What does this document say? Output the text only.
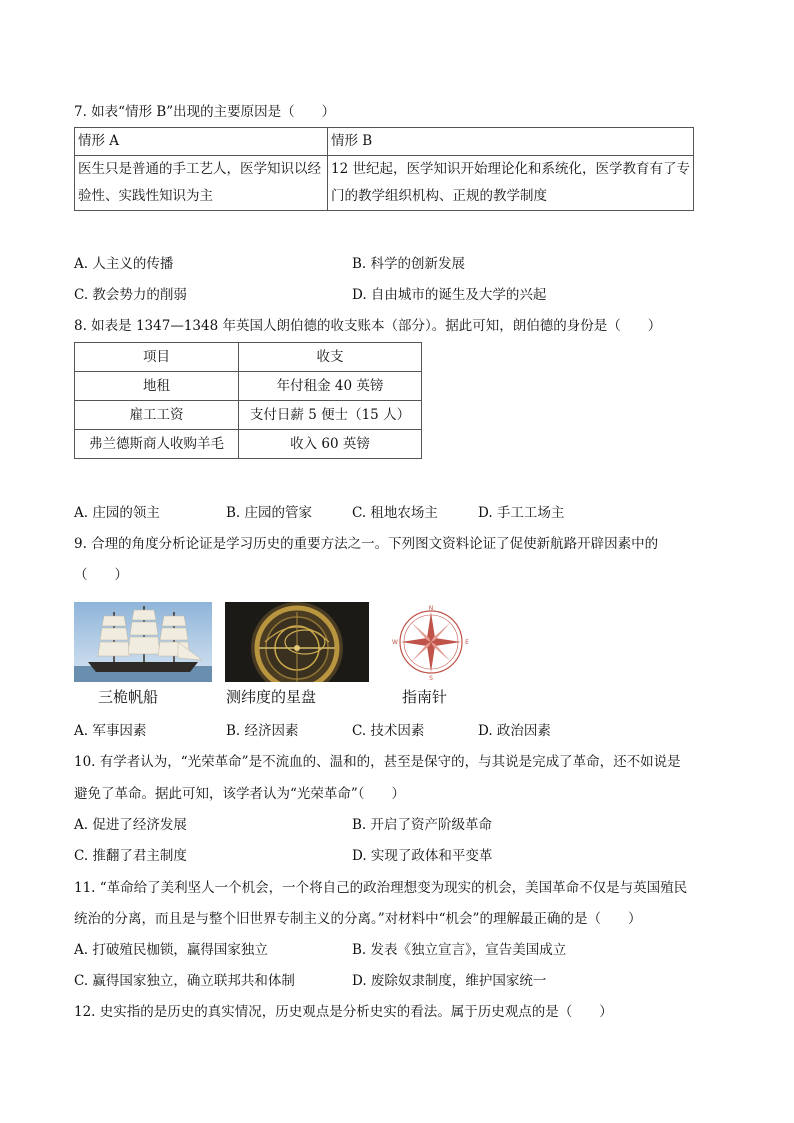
7. 如表“情形 B”出现的主要原因是（　　）
情形 A	情形 B
医生只是普通的手工艺人，医学知识以经验性、实践性知识为主	12 世纪起，医学知识开始理论化和系统化，医学教育有了专门的教学组织机构、正规的教学制度
A. 人主义的传播	B. 科学的创新发展
C. 教会势力的削弱	D. 自由城市的诞生及大学的兴起
8. 如表是 1347—1348 年英国人朗伯德的收支账本（部分）。据此可知，朗伯德的身份是（　　）
项目	收支
地租	年付租金 40 英镑
雇工工资	支付日薪 5 便士（15 人）
弗兰德斯商人收购羊毛	收入 60 英镑
A. 庄园的领主	B. 庄园的管家	C. 租地农场主	D. 手工工场主
9. 合理的角度分析论证是学习历史的重要方法之一。下列图文资料论证了促使新航路开辟因素中的
（　　）
N
E
S
W
三桅帆船	测纬度的星盘	指南针
A. 军事因素	B. 经济因素	C. 技术因素	D. 政治因素
10. 有学者认为，“光荣革命”是不流血的、温和的，甚至是保守的，与其说是完成了革命，还不如说是
避免了革命。据此可知，该学者认为“光荣革命”（　　）
A. 促进了经济发展	B. 开启了资产阶级革命
C. 推翻了君主制度	D. 实现了政体和平变革
11. “革命给了美利坚人一个机会，一个将自己的政治理想变为现实的机会，美国革命不仅是与英国殖民
统治的分离，而且是与整个旧世界专制主义的分离。”对材料中“机会”的理解最正确的是（　　）
A. 打破殖民枷锁，赢得国家独立	B. 发表《独立宣言》，宣告美国成立
C. 赢得国家独立，确立联邦共和体制	D. 废除奴隶制度，维护国家统一
12. 史实指的是历史的真实情况，历史观点是分析史实的看法。属于历史观点的是（　　）
